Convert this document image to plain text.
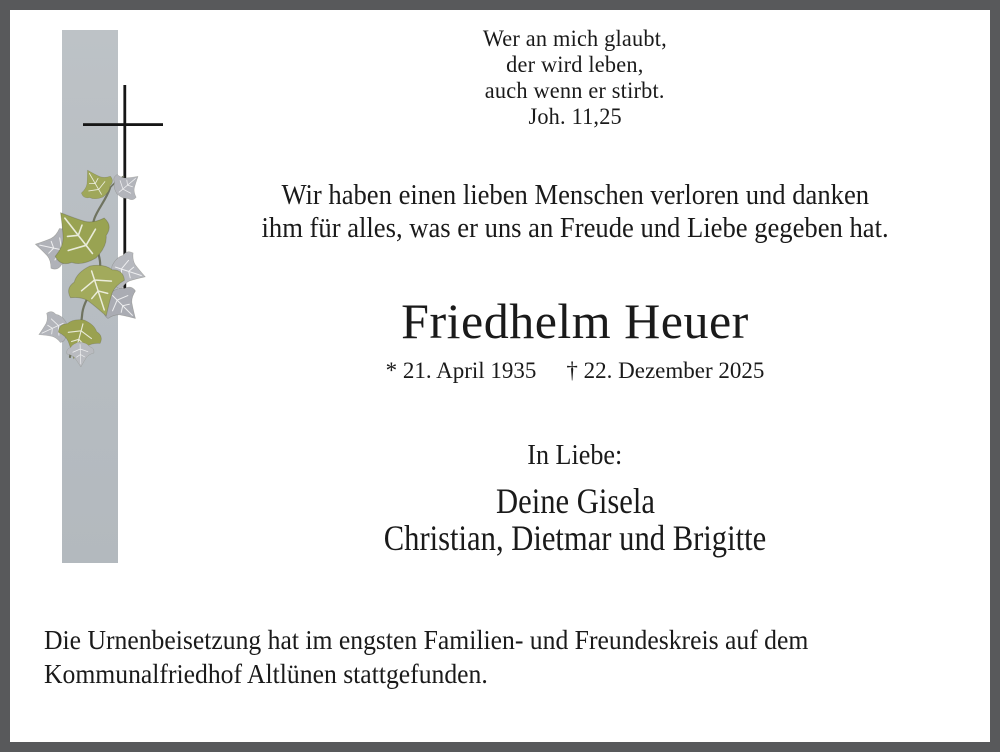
Wer an mich glaubt,
der wird leben,
auch wenn er stirbt.
Joh. 11,25
Wir haben einen lieben Menschen verloren und danken
ihm für alles, was er uns an Freude und Liebe gegeben hat.
Friedhelm Heuer
* 21. April 1935 † 22. Dezember 2025
In Liebe:
Deine Gisela
Christian, Dietmar und Brigitte
Die Urnenbeisetzung hat im engsten Familien- und Freundeskreis auf dem
Kommunalfriedhof Altlünen stattgefunden.
